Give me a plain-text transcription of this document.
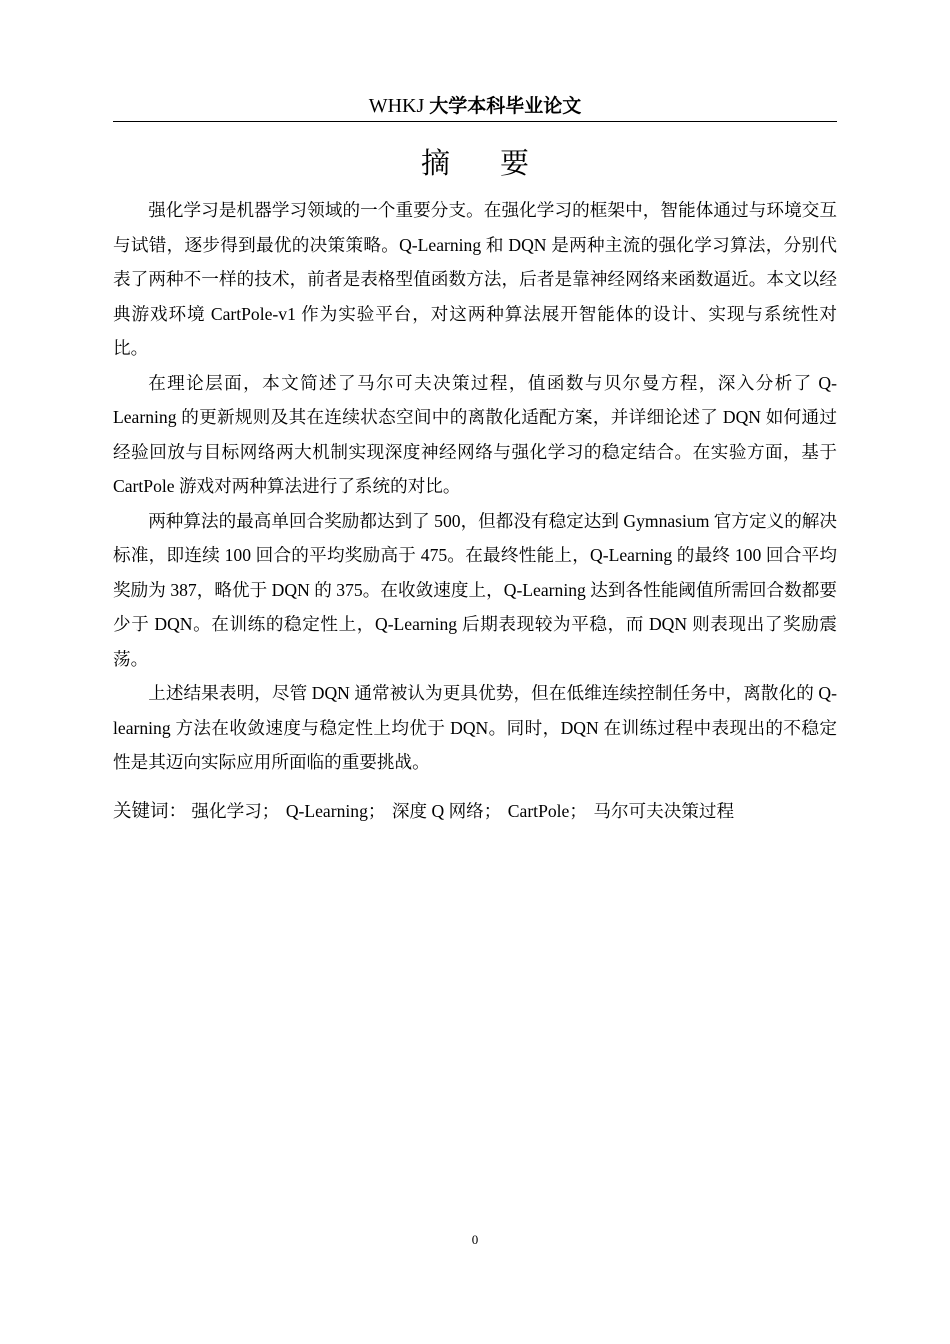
WHKJ 大学本科毕业论文
摘要

强化学习是机器学习领域的一个重要分支。在强化学习的框架中，智能体通过与环境交互与试错，逐步得到最优的决策策略。Q-Learning 和 DQN 是两种主流的强化学习算法，分别代表了两种不一样的技术，前者是表格型值函数方法，后者是靠神经网络来函数逼近。本文以经典游戏环境 CartPole-v1 作为实验平台，对这两种算法展开智能体的设计、实现与系统性对比。

在理论层面，本文简述了马尔可夫决策过程，值函数与贝尔曼方程，深入分析了 Q-Learning 的更新规则及其在连续状态空间中的离散化适配方案，并详细论述了 DQN 如何通过经验回放与目标网络两大机制实现深度神经网络与强化学习的稳定结合。在实验方面，基于 CartPole 游戏对两种算法进行了系统的对比。

两种算法的最高单回合奖励都达到了 500，但都没有稳定达到 Gymnasium 官方定义的解决标准，即连续 100 回合的平均奖励高于 475。在最终性能上，Q-Learning 的最终 100 回合平均奖励为 387，略优于 DQN 的 375。在收敛速度上，Q-Learning 达到各性能阈值所需回合数都要少于 DQN。在训练的稳定性上，Q-Learning 后期表现较为平稳，而 DQN 则表现出了奖励震荡。

上述结果表明，尽管 DQN 通常被认为更具优势，但在低维连续控制任务中，离散化的 Q-learning 方法在收敛速度与稳定性上均优于 DQN。同时，DQN 在训练过程中表现出的不稳定性是其迈向实际应用所面临的重要挑战。

关键词： 强化学习； Q-Learning； 深度 Q 网络； CartPole； 马尔可夫决策过程
0
